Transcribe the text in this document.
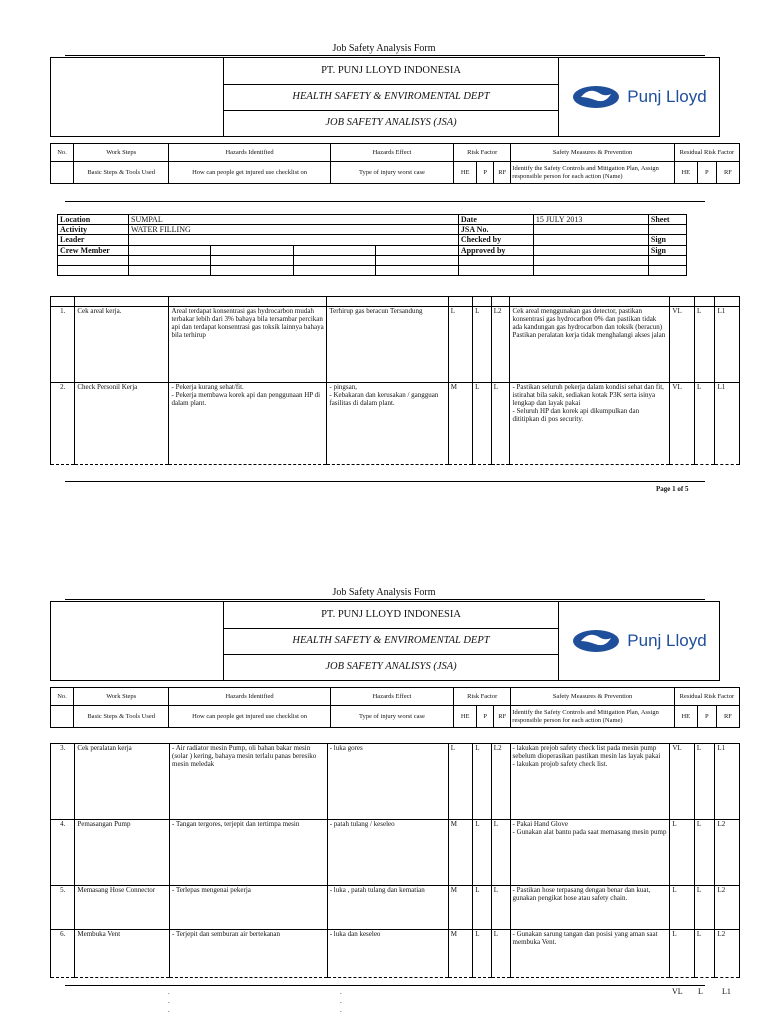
Job Safety Analysis Form
	PT. PUNJ LLOYD INDONESIA	
Punj Lloyd

HEALTH SAFETY & ENVIROMENTAL DEPT
JOB SAFETY ANALISYS (JSA)
No.	Work Steps	Hazards Identified	Hazards Effect	Risk Factor			Safety Measures & Prevention	Residual Risk Factor		
	Basic Steps & Tools Used	How can people get injured use checklist on	Type of injury worst case	HE	P	RF	Identify the Safety Controls and Mitigation Plan, Assign responsible person for each action (Name)	HE	P	RF
Location	SUMPAL				Date	15 JULY 2013	Sheet
Activity	WATER FILLING				JSA No.		
Leader					Checked by		Sign
Crew Member					Approved by		Sign

1.	Cek areal kerja.	Areal terdapat konsentrasi gas hydrocarbon mudah terbakar lebih dari 3% bahaya bila tersambar percikan api dan terdapat konsentrasi gas toksik lainnya bahaya bila terhirup	Terhirup gas beracun Tersandung	L	L	L2	Cek areal menggunakan gas detector, pastikan konsentrasi gas hydrocarbon 0% dan pastikan tidak ada kandungan gas hydrocarbon dan toksik (beracun) Pastikan peralatan kerja tidak menghalangi akses jalan	VL	L	L1
2.	Check Personil Kerja	- Pekerja kurang sehat/fit.
- Pekerja membawa korek api dan penggunaan HP di dalam plant.	- pingsan,
- Kebakaran dan kerusakan / gangguan fasilitas di dalam plant.	M	L	L	- Pastikan seluruh pekerja dalam kondisi sehat dan fit, istirahat bila sakit, sediakan kotak P3K serta isinya lengkap dan layak pakai
- Seluruh HP dan korek api dikumpulkan dan dititipkan di pos security.	VL	L	L1
Page 1 of 5
Job Safety Analysis Form
	PT. PUNJ LLOYD INDONESIA	
Punj Lloyd

HEALTH SAFETY & ENVIROMENTAL DEPT
JOB SAFETY ANALISYS (JSA)
No.	Work Steps	Hazards Identified	Hazards Effect	Risk Factor			Safety Measures & Prevention	Residual Risk Factor		
	Basic Steps & Tools Used	How can people get injured use checklist on	Type of injury worst case	HE	P	RF	Identify the Safety Controls and Mitigation Plan, Assign responsible person for each action (Name)	HE	P	RF
3.	Cek peralatan kerja	- Air radiator mesin Pump, oli bahan bakar mesin (solar ) kering, bahaya mesin terlalu panas beresiko mesin meledak	- luka gores	L	L	L2	- lakukan prejob safety check list pada mesin pump sebelum dioperasikan pastikan mesin las layak pakai
- lakukan projob safety check list.	VL	L	L1
4.	Pemasangan Pump	- Tangan tergores, terjepit dan tertimpa mesin	- patah tulang / keseleo	M	L	L	- Pakai Hand Glove
- Gunakan alat bantu pada saat memasang mesin pump	L	L	L2
5.	Memasang Hose Connector	- Terlepas mengenai pekerja	- luka , patah tulang dan kematian	M	L	L	- Pastikan hose terpasang dengan benar dan kuat, gunakan pengikat hose atau safety chain.	L	L	L2
6.	Membuka Vent	- Terjepit dan semburan air bertekanan	- luka dan keseleo	M	L	L	- Gunakan sarung tangan dan posisi yang aman saat membuka Vent.	L	L	L2
.
.
.
.
.
.
VL L L1
